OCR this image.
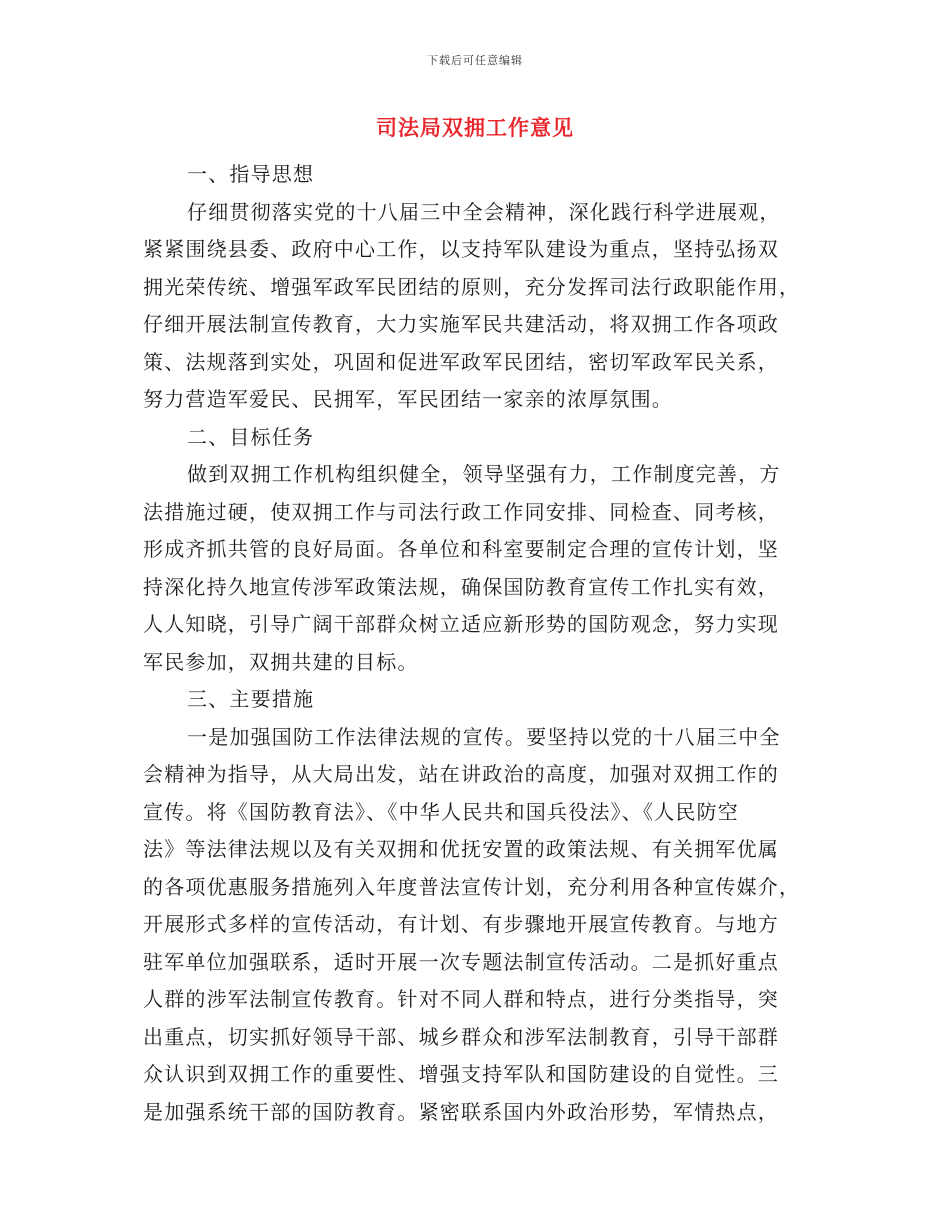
下载后可任意编辑
司法局双拥工作意见
一、指导思想
仔细贯彻落实党的十八届三中全会精神，深化践行科学进展观，
紧紧围绕县委、政府中心工作，以支持军队建设为重点，坚持弘扬双
拥光荣传统、增强军政军民团结的原则，充分发挥司法行政职能作用，
仔细开展法制宣传教育，大力实施军民共建活动，将双拥工作各项政
策、法规落到实处，巩固和促进军政军民团结，密切军政军民关系，
努力营造军爱民、民拥军，军民团结一家亲的浓厚氛围。
二、目标任务
做到双拥工作机构组织健全，领导坚强有力，工作制度完善，方
法措施过硬，使双拥工作与司法行政工作同安排、同检查、同考核，
形成齐抓共管的良好局面。各单位和科室要制定合理的宣传计划，坚
持深化持久地宣传涉军政策法规，确保国防教育宣传工作扎实有效，
人人知晓，引导广阔干部群众树立适应新形势的国防观念，努力实现
军民参加，双拥共建的目标。
三、主要措施
一是加强国防工作法律法规的宣传。要坚持以党的十八届三中全
会精神为指导，从大局出发，站在讲政治的高度，加强对双拥工作的
宣传。将《国防教育法》、《中华人民共和国兵役法》、《人民防空
法》等法律法规以及有关双拥和优抚安置的政策法规、有关拥军优属
的各项优惠服务措施列入年度普法宣传计划，充分利用各种宣传媒介，
开展形式多样的宣传活动，有计划、有步骤地开展宣传教育。与地方
驻军单位加强联系，适时开展一次专题法制宣传活动。二是抓好重点
人群的涉军法制宣传教育。针对不同人群和特点，进行分类指导，突
出重点，切实抓好领导干部、城乡群众和涉军法制教育，引导干部群
众认识到双拥工作的重要性、增强支持军队和国防建设的自觉性。三
是加强系统干部的国防教育。紧密联系国内外政治形势，军情热点，
